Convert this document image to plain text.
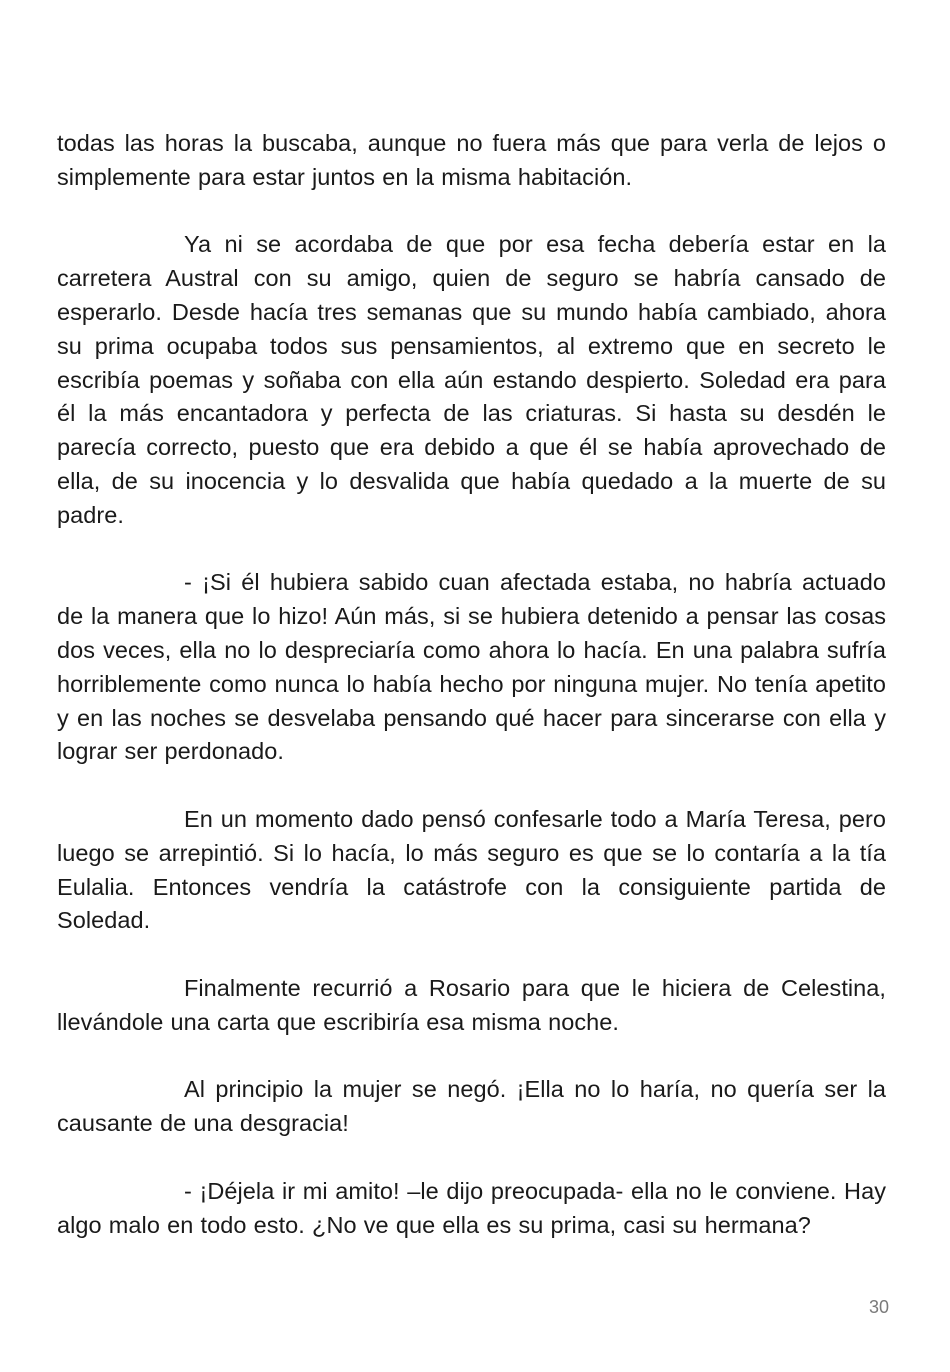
todas las horas la buscaba, aunque no fuera más que para verla de lejos o simplemente para estar juntos en la misma habitación.

Ya ni se acordaba de que por esa fecha debería estar en la carretera Austral con su amigo, quien de seguro se habría cansado de esperarlo. Desde hacía tres semanas que su mundo había cambiado, ahora su prima ocupaba todos sus pensamientos, al extremo que en secreto le escribía poemas y soñaba con ella aún estando despierto. Soledad era para él la más encantadora y perfecta de las criaturas. Si hasta su desdén le parecía correcto, puesto que era debido a que él se había aprovechado de ella, de su inocencia y lo desvalida que había quedado a la muerte de su padre.

- ¡Si él hubiera sabido cuan afectada estaba, no habría actuado de la manera que lo hizo! Aún más, si se hubiera detenido a pensar las cosas dos veces, ella no lo despreciaría como ahora lo hacía. En una palabra sufría horriblemente como nunca lo había hecho por ninguna mujer. No tenía apetito y en las noches se desvelaba pensando qué hacer para sincerarse con ella y lograr ser perdonado.

En un momento dado pensó confesarle todo a María Teresa, pero luego se arrepintió. Si lo hacía, lo más seguro es que se lo contaría a la tía Eulalia. Entonces vendría la catástrofe con la consiguiente partida de Soledad.

Finalmente recurrió a Rosario para que le hiciera de Celestina, llevándole una carta que escribiría esa misma noche.

Al principio la mujer se negó. ¡Ella no lo haría, no quería ser la causante de una desgracia!

- ¡Déjela ir mi amito! –le dijo preocupada- ella no le conviene. Hay algo malo en todo esto. ¿No ve que ella es su prima, casi su hermana?

30
